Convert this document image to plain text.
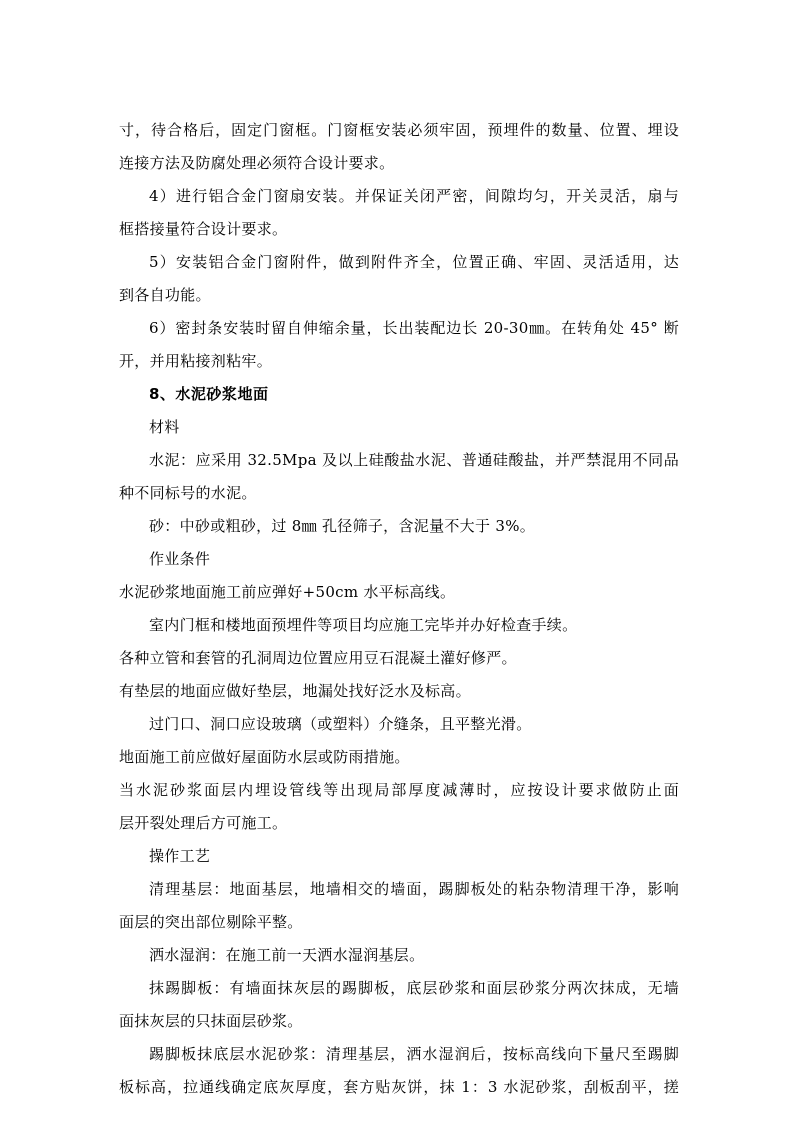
寸，待合格后，固定门窗框。门窗框安装必须牢固，预埋件的数量、位置、埋设
连接方法及防腐处理必须符合设计要求。
4）进行铝合金门窗扇安装。并保证关闭严密，间隙均匀，开关灵活，扇与
框搭接量符合设计要求。
5）安装铝合金门窗附件，做到附件齐全，位置正确、牢固、灵活适用，达
到各自功能。
6）密封条安装时留自伸缩余量，长出装配边长 20-30㎜。在转角处 45° 断
开，并用粘接剂粘牢。
8、水泥砂浆地面
材料
水泥：应采用 32.5Mpa 及以上硅酸盐水泥、普通硅酸盐，并严禁混用不同品
种不同标号的水泥。
砂：中砂或粗砂，过 8㎜ 孔径筛子，含泥量不大于 3%。
作业条件
水泥砂浆地面施工前应弹好+50cm 水平标高线。
室内门框和楼地面预埋件等项目均应施工完毕并办好检查手续。
各种立管和套管的孔洞周边位置应用豆石混凝土灌好修严。
有垫层的地面应做好垫层，地漏处找好泛水及标高。
过门口、洞口应设玻璃（或塑料）介缝条，且平整光滑。
地面施工前应做好屋面防水层或防雨措施。
当水泥砂浆面层内埋设管线等出现局部厚度减薄时，应按设计要求做防止面
层开裂处理后方可施工。
操作工艺
清理基层：地面基层，地墙相交的墙面，踢脚板处的粘杂物清理干净，影响
面层的突出部位剔除平整。
洒水湿润：在施工前一天洒水湿润基层。
抹踢脚板：有墙面抹灰层的踢脚板，底层砂浆和面层砂浆分两次抹成，无墙
面抹灰层的只抹面层砂浆。
踢脚板抹底层水泥砂浆：清理基层，洒水湿润后，按标高线向下量尺至踢脚
板标高，拉通线确定底灰厚度，套方贴灰饼，抹 1：3 水泥砂浆，刮板刮平，搓
